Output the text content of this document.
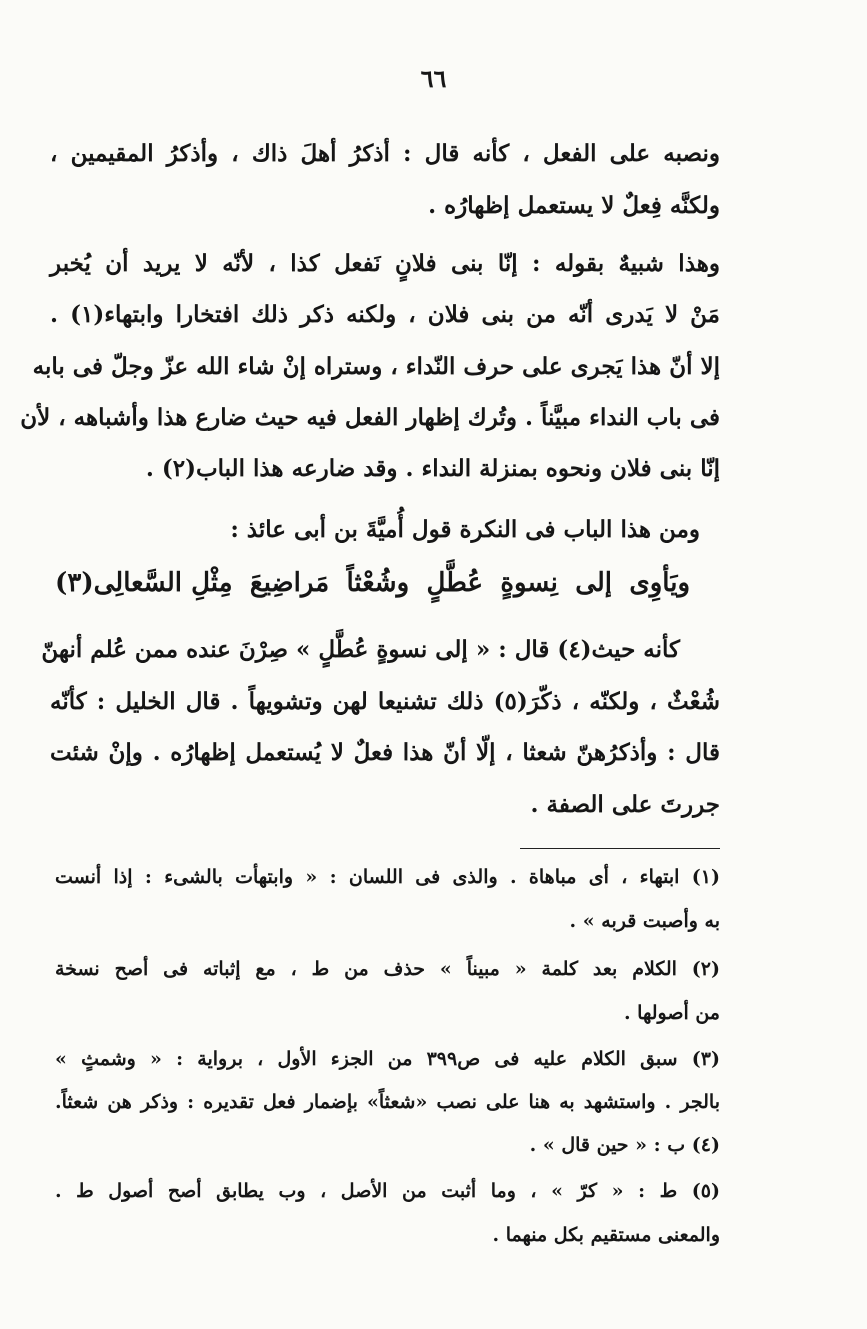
٦٦
ونصبه على الفعل ، كأنه قال : أذكرُ أهلَ ذاك ، وأذكرُ المقيمين ،
ولكنَّه فِعلٌ لا يستعمل إظهارُه .
وهذا شبيهٌ بقوله : إنّا بنى فلانٍ نَفعل كذا ، لأنّه لا يريد أن يُخبر
مَنْ لا يَدرى أنّه من بنى فلان ، ولكنه ذكر ذلك افتخارا وابتهاء(١) .
إلا أنّ هذا يَجرى على حرف النّداء ، وستراه إنْ شاء الله عزّ وجلّ فى بابه
فى باب النداء مبيَّناً . وتُرك إظهار الفعل فيه حيث ضارع هذا وأشباهه ، لأن
إنّا بنى فلان ونحوه بمنزلة النداء . وقد ضارعه هذا الباب(٢) .
ومن هذا الباب فى النكرة قول أُميَّةَ بن أبى عائذ :
ويَأوِى
إلى
نِسوةٍ
عُطَّلٍ
وشُعْثاً
مَراضِيعَ
مِثْلِ السَّعالِى(٣)
كأنه حيث(٤) قال : « إلى نسوةٍ عُطَّلٍ » صِرْنَ عنده ممن عُلم أنهنّ
شُعْثٌ ، ولكنّه ، ذكّرَ(٥) ذلك تشنيعا لهن وتشويهاً . قال الخليل : كأنّه
قال : وأذكرُهنّ شعثا ، إلّا أنّ هذا فعلٌ لا يُستعمل إظهارُه . وإنْ شئت
جررتَ على الصفة .
(١) ابتهاء ، أى مباهاة . والذى فى اللسان : « وابتهأت بالشىء : إذا أنست
به وأصبت قربه » .
(٢) الكلام بعد كلمة « مبيناً » حذف من ط ، مع إثباته فى أصح نسخة
من أصولها .
(٣) سبق الكلام عليه فى ص٣٩٩ من الجزء الأول ، برواية : « وشمثٍ »
بالجر . واستشهد به هنا على نصب «شعثاً» بإضمار فعل تقديره : وذكر هن شعثاً.
(٤) ب : « حين قال » .
(٥) ط : « كرّ » ، وما أثبت من الأصل ، وب يطابق أصح أصول ط .
والمعنى مستقيم بكل منهما .
